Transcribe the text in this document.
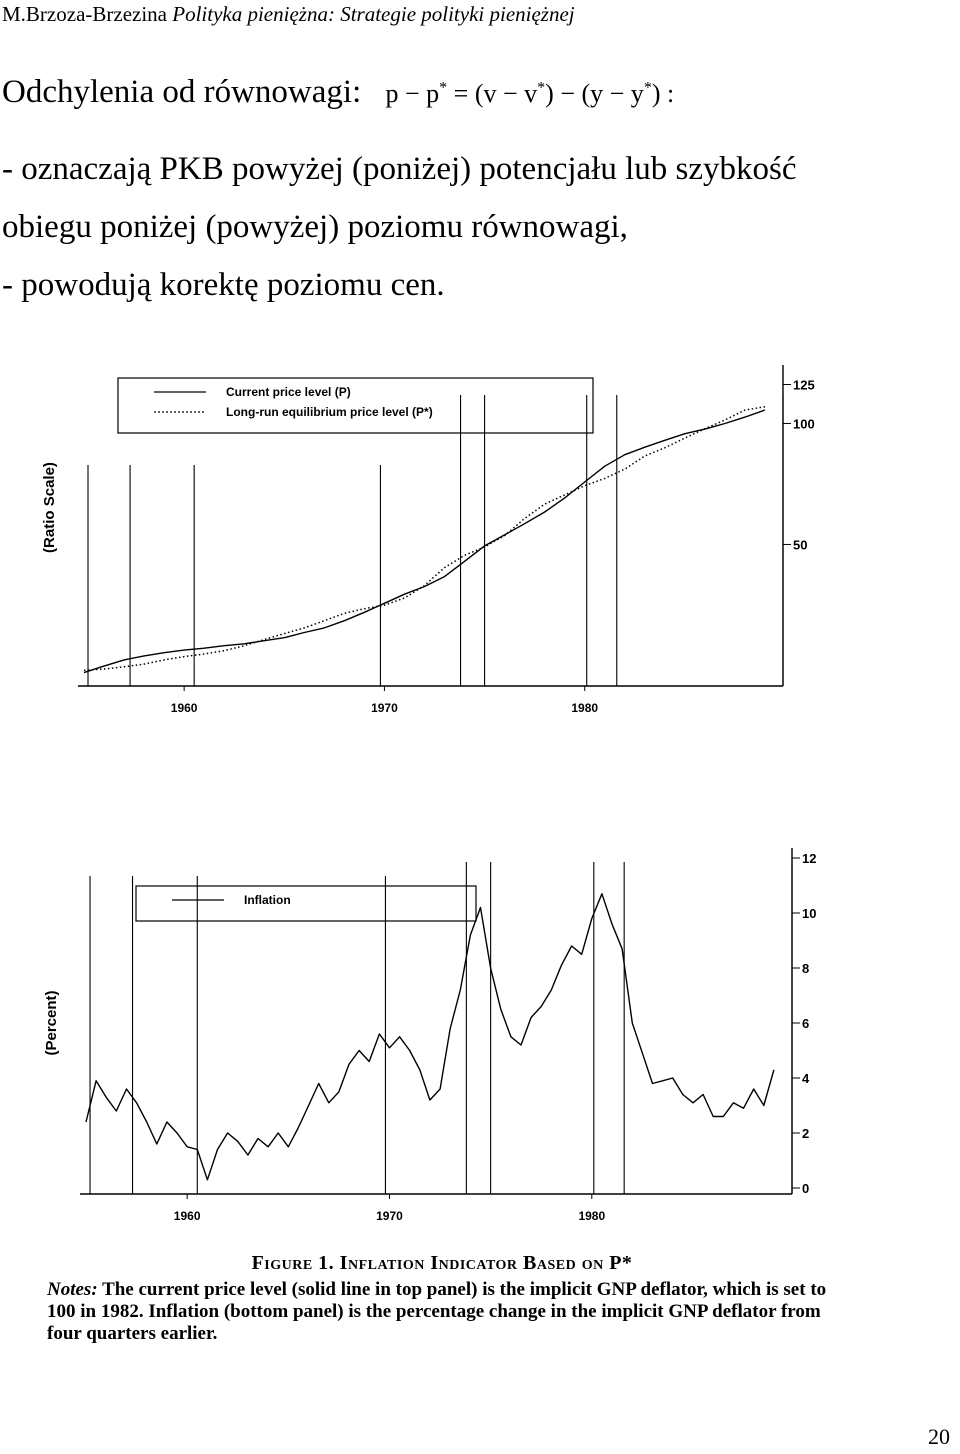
M.Brzoza-Brzezina Polityka pieniężna: Strategie polityki pieniężnej
Odchylenia od równowagi: p − p* = (v − v*) − (y − y*) :
- oznaczają PKB powyżej (poniżej) potencjału lub szybkość
obiegu poniżej (powyżej) poziomu równowagi,
- powodują korektę poziomu cen.
1960	1970	1980
125
100
50
(Ratio Scale)
Current price level (P)
Long-run equilibrium price level (P*)
1960	1970	1980
12
10
8
6
4
2
0
(Percent)
Inflation
Figure 1. Inflation Indicator Based on P*
Notes: The current price level (solid line in top panel) is the implicit GNP deflator, which is set to 100 in 1982. Inflation (bottom panel) is the percentage change in the implicit GNP deflator from four quarters earlier.
20
